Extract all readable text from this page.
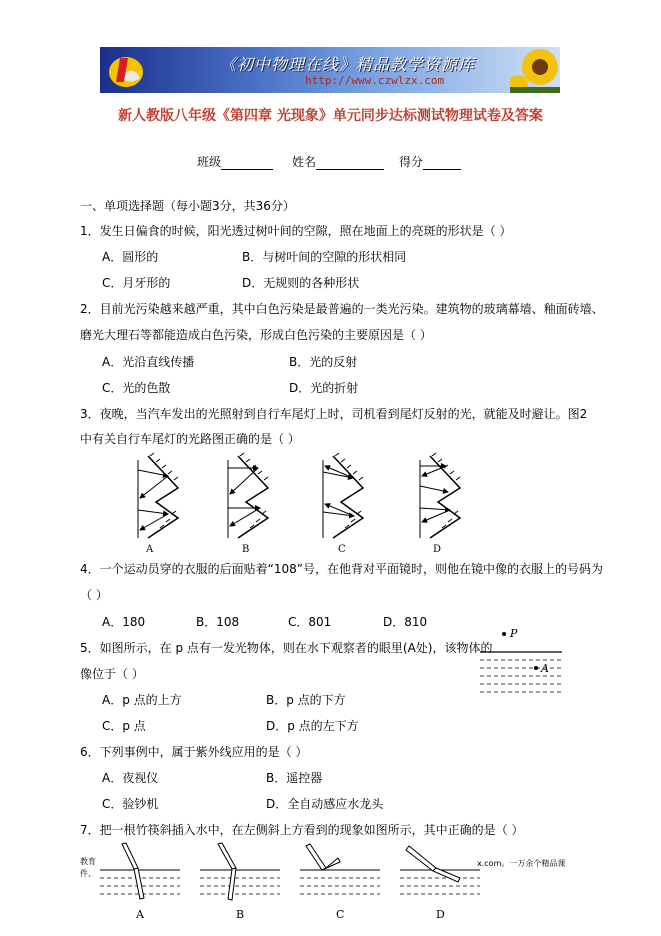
《初中物理在线》精品教学资源库
http://www.czwlzx.com
新人教版八年级《第四章 光现象》单元同步达标测试物理试卷及答案
班级	姓名	得分
一、单项选择题（每小题3分，共36分）
1．发生日偏食的时候，阳光透过树叶间的空隙，照在地面上的亮斑的形状是（ ）
A．圆形的	B．与树叶间的空隙的形状相同
C．月牙形的	D．无规则的各种形状
2．目前光污染越来越严重，其中白色污染是最普遍的一类光污染。建筑物的玻璃幕墙、釉面砖墙、
磨光大理石等都能造成白色污染，形成白色污染的主要原因是（ ）
A．光沿直线传播	B．光的反射
C．光的色散	D．光的折射
3．夜晚，当汽车发出的光照射到自行车尾灯上时，司机看到尾灯反射的光，就能及时避让。图2
中有关自行车尾灯的光路图正确的是（ ）
A	B	C	D
4．一个运动员穿的衣服的后面贴着“108”号，在他背对平面镜时，则他在镜中像的衣服上的号码为
（ ）
A．180	B．108	C．801	D．810
5．如图所示，在 p 点有一发光物体，则在水下观察者的眼里(A处)，该物体的
像位于（ ）
A．p 点的上方	B．p 点的下方
C．p 点	D．p 点的左下方
P
A
6．下列事例中，属于紫外线应用的是（ ）
A．夜视仪	B．遥控器
C．验钞机	D．全自动感应水龙头
7．把一根竹筷斜插入水中，在左侧斜上方看到的现象如图所示，其中正确的是（ ）
教育
件、
x.com。一万余个精品课
A	B	C	D
